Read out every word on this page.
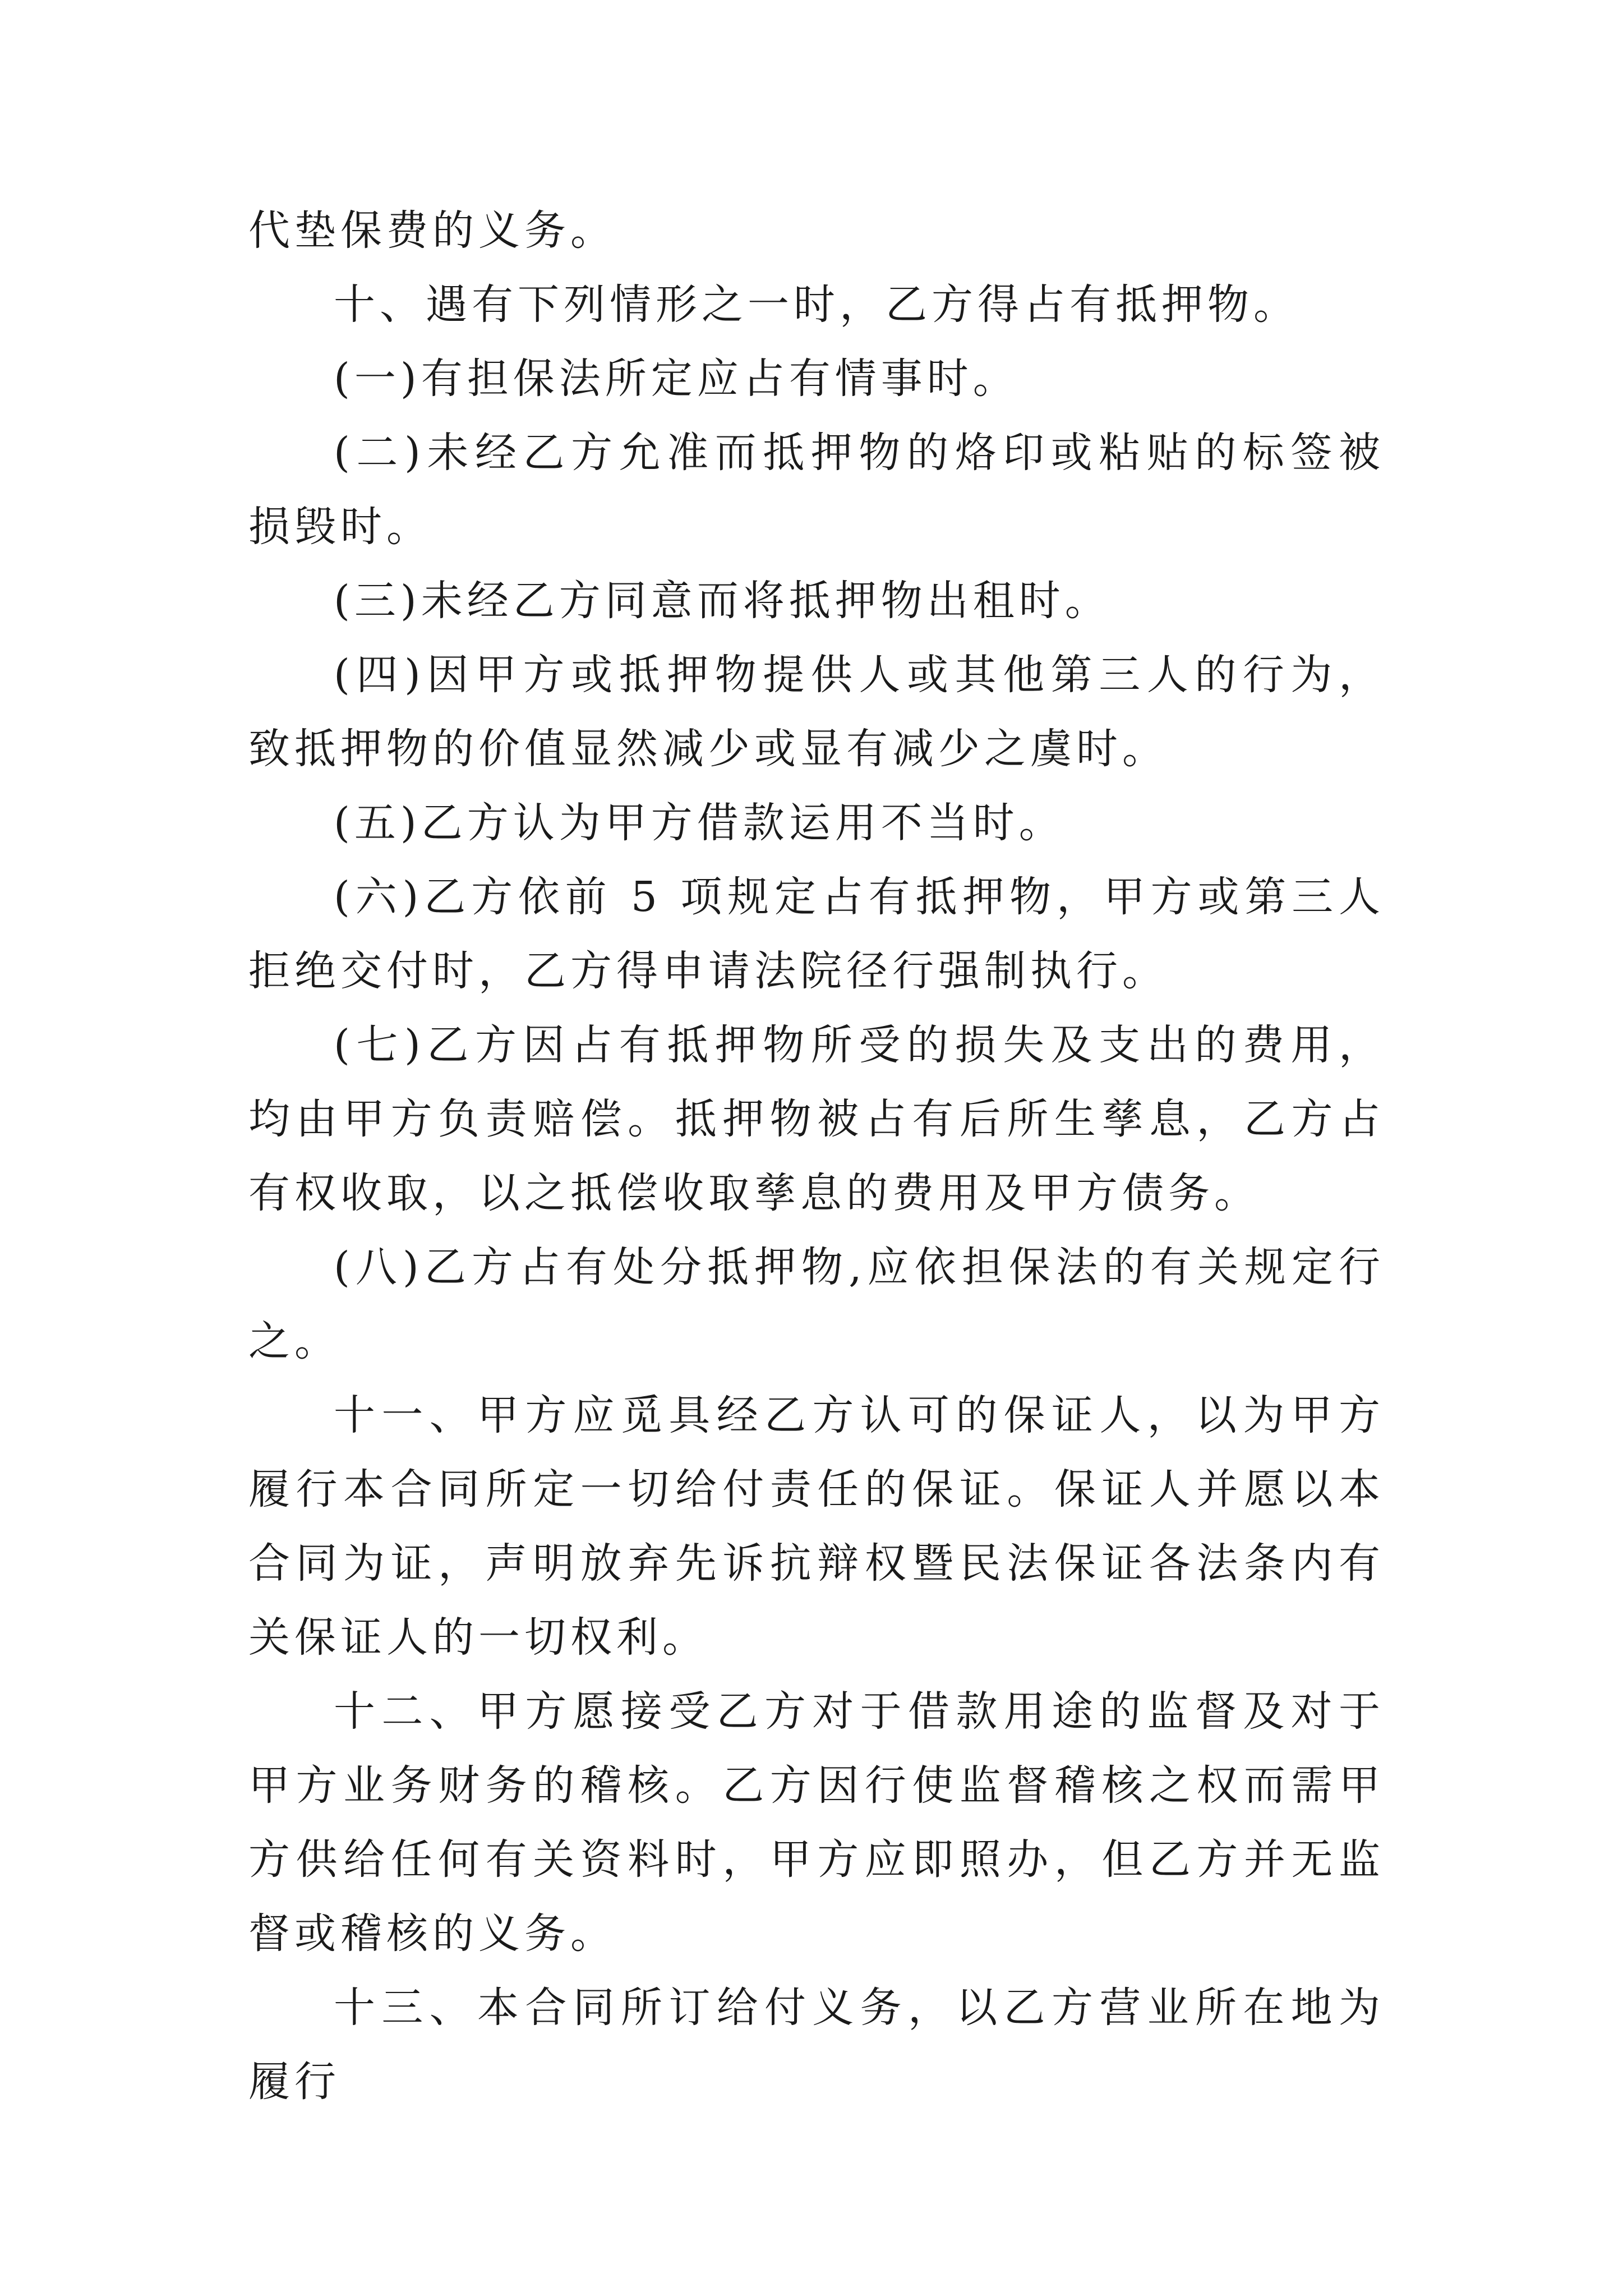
代垫保费的义务。

十、遇有下列情形之一时，乙方得占有抵押物。

(一)有担保法所定应占有情事时。

(二)未经乙方允准而抵押物的烙印或粘贴的标签被损毁时。

(三)未经乙方同意而将抵押物出租时。

(四)因甲方或抵押物提供人或其他第三人的行为，致抵押物的价值显然减少或显有减少之虞时。

(五)乙方认为甲方借款运用不当时。

(六)乙方依前 5 项规定占有抵押物，甲方或第三人拒绝交付时，乙方得申请法院径行强制执行。

(七)乙方因占有抵押物所受的损失及支出的费用，均由甲方负责赔偿。抵押物被占有后所生孳息，乙方占有权收取，以之抵偿收取孳息的费用及甲方债务。

(八)乙方占有处分抵押物,应依担保法的有关规定行之。

十一、甲方应觅具经乙方认可的保证人，以为甲方履行本合同所定一切给付责任的保证。保证人并愿以本合同为证，声明放弃先诉抗辩权暨民法保证各法条内有关保证人的一切权利。

十二、甲方愿接受乙方对于借款用途的监督及对于甲方业务财务的稽核。乙方因行使监督稽核之权而需甲方供给任何有关资料时，甲方应即照办，但乙方并无监督或稽核的义务。

十三、本合同所订给付义务，以乙方营业所在地为履行
